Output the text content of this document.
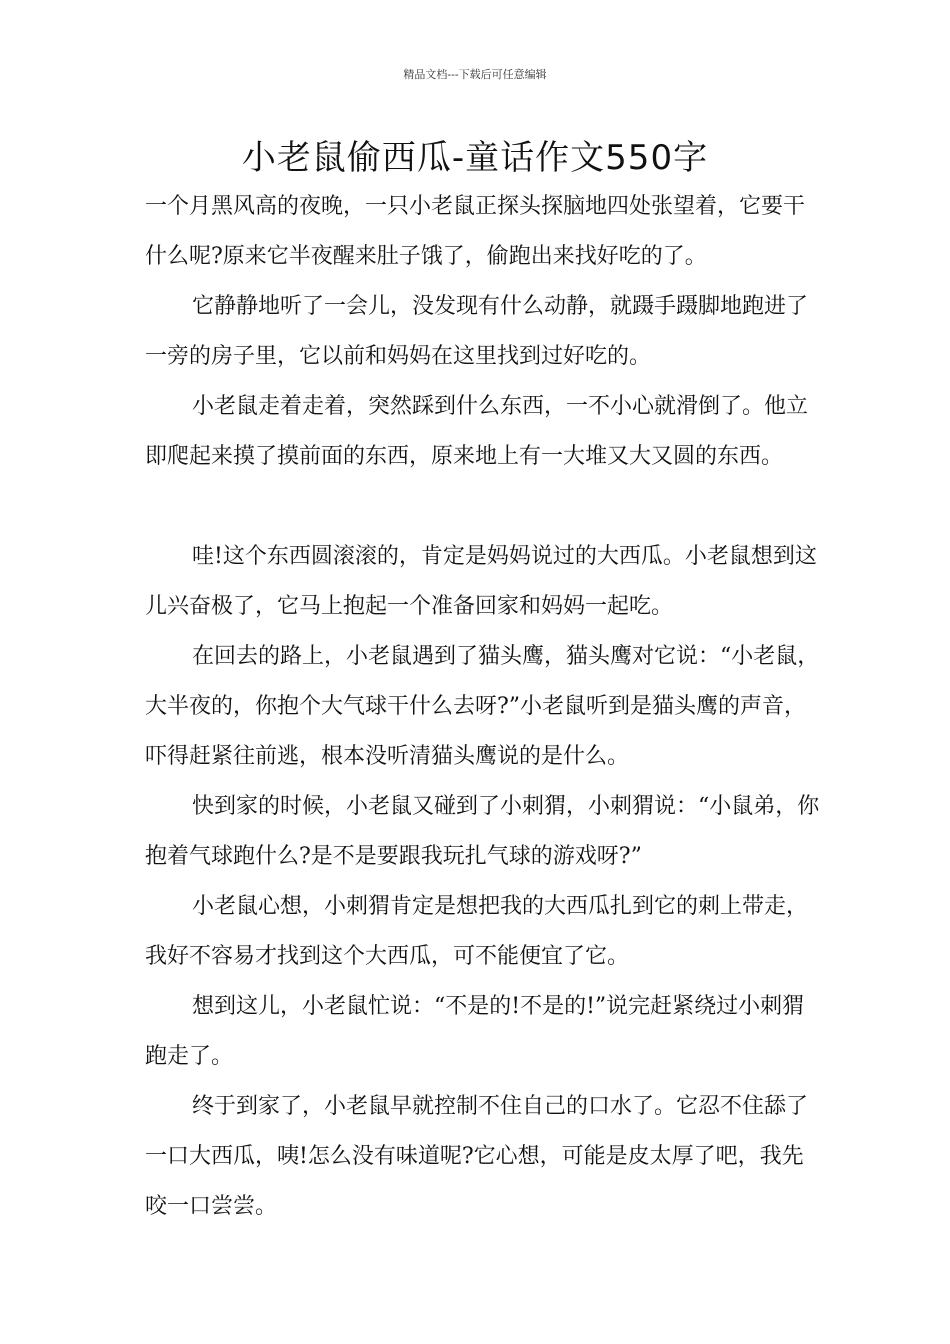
精品文档---下载后可任意编辑
小老鼠偷西瓜-童话作文550字

一个月黑风高的夜晚，一只小老鼠正探头探脑地四处张望着，它要干什么呢?原来它半夜醒来肚子饿了，偷跑出来找好吃的了。

它静静地听了一会儿，没发现有什么动静，就蹑手蹑脚地跑进了一旁的房子里，它以前和妈妈在这里找到过好吃的。

小老鼠走着走着，突然踩到什么东西，一不小心就滑倒了。他立即爬起来摸了摸前面的东西，原来地上有一大堆又大又圆的东西。

哇!这个东西圆滚滚的，肯定是妈妈说过的大西瓜。小老鼠想到这儿兴奋极了，它马上抱起一个准备回家和妈妈一起吃。

在回去的路上，小老鼠遇到了猫头鹰，猫头鹰对它说：“小老鼠，大半夜的，你抱个大气球干什么去呀?”小老鼠听到是猫头鹰的声音，吓得赶紧往前逃，根本没听清猫头鹰说的是什么。

快到家的时候，小老鼠又碰到了小刺猬，小刺猬说：“小鼠弟，你抱着气球跑什么?是不是要跟我玩扎气球的游戏呀?”

小老鼠心想，小刺猬肯定是想把我的大西瓜扎到它的刺上带走，我好不容易才找到这个大西瓜，可不能便宜了它。

想到这儿，小老鼠忙说：“不是的!不是的!”说完赶紧绕过小刺猬跑走了。

终于到家了，小老鼠早就控制不住自己的口水了。它忍不住舔了一口大西瓜，咦!怎么没有味道呢?它心想，可能是皮太厚了吧，我先咬一口尝尝。
